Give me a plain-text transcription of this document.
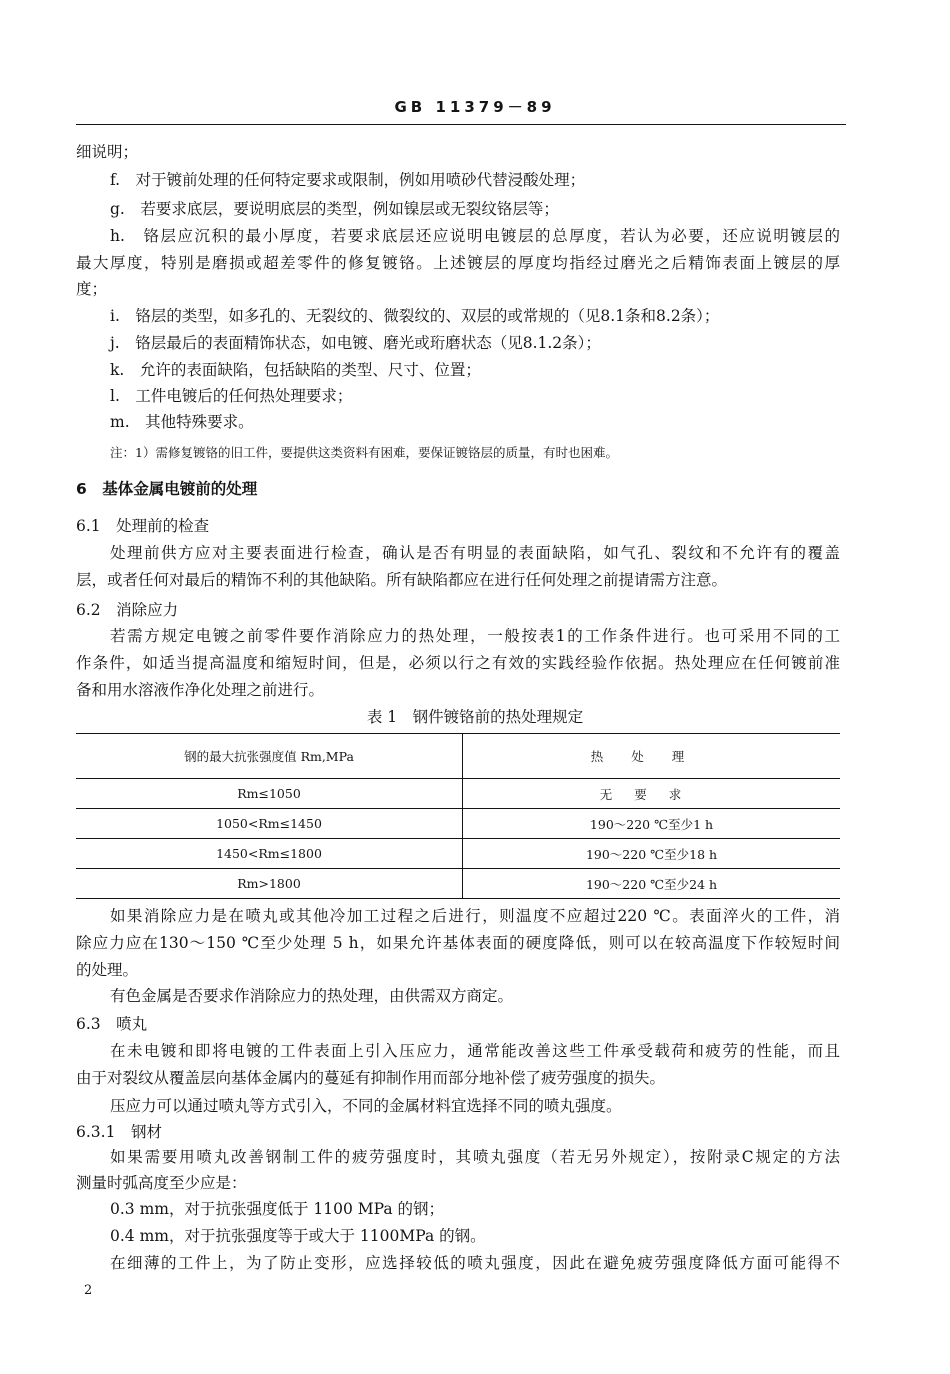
GB 11379－89
细说明；
f.　对于镀前处理的任何特定要求或限制，例如用喷砂代替浸酸处理；
g.　若要求底层，要说明底层的类型，例如镍层或无裂纹铬层等；
h.　铬层应沉积的最小厚度，若要求底层还应说明电镀层的总厚度，若认为必要，还应说明镀层的
最大厚度，特别是磨损或超差零件的修复镀铬。上述镀层的厚度均指经过磨光之后精饰表面上镀层的厚
度；
i.　铬层的类型，如多孔的、无裂纹的、微裂纹的、双层的或常规的（见8.1条和8.2条）；
j.　铬层最后的表面精饰状态，如电镀、磨光或珩磨状态（见8.1.2条）；
k.　允许的表面缺陷，包括缺陷的类型、尺寸、位置；
l.　工件电镀后的任何热处理要求；
m.　其他特殊要求。
注：1）需修复镀铬的旧工件，要提供这类资料有困难，要保证镀铬层的质量，有时也困难。
6　基体金属电镀前的处理
6.1　处理前的检查
处理前供方应对主要表面进行检查，确认是否有明显的表面缺陷，如气孔、裂纹和不允许有的覆盖
层，或者任何对最后的精饰不利的其他缺陷。所有缺陷都应在进行任何处理之前提请需方注意。
6.2　消除应力
若需方规定电镀之前零件要作消除应力的热处理，一般按表1的工作条件进行。也可采用不同的工
作条件，如适当提高温度和缩短时间，但是，必须以行之有效的实践经验作依据。热处理应在任何镀前准
备和用水溶液作净化处理之前进行。
表 1　钢件镀铬前的热处理规定
钢的最大抗张强度值 Rm,MPa	热处理
Rm≤1050	无要求
1050<Rm≤1450	190～220 ℃至少1 h
1450<Rm≤1800	190～220 ℃至少18 h
Rm>1800	190～220 ℃至少24 h
如果消除应力是在喷丸或其他冷加工过程之后进行，则温度不应超过220 ℃。表面淬火的工件，消
除应力应在130～150 ℃至少处理 5 h，如果允许基体表面的硬度降低，则可以在较高温度下作较短时间
的处理。
有色金属是否要求作消除应力的热处理，由供需双方商定。
6.3　喷丸
在未电镀和即将电镀的工件表面上引入压应力，通常能改善这些工件承受载荷和疲劳的性能，而且
由于对裂纹从覆盖层向基体金属内的蔓延有抑制作用而部分地补偿了疲劳强度的损失。
压应力可以通过喷丸等方式引入，不同的金属材料宜选择不同的喷丸强度。
6.3.1　钢材
如果需要用喷丸改善钢制工件的疲劳强度时，其喷丸强度（若无另外规定），按附录C规定的方法
测量时弧高度至少应是：
0.3 mm，对于抗张强度低于 1100 MPa 的钢；
0.4 mm，对于抗张强度等于或大于 1100MPa 的钢。
在细薄的工件上，为了防止变形，应选择较低的喷丸强度，因此在避免疲劳强度降低方面可能得不
2
